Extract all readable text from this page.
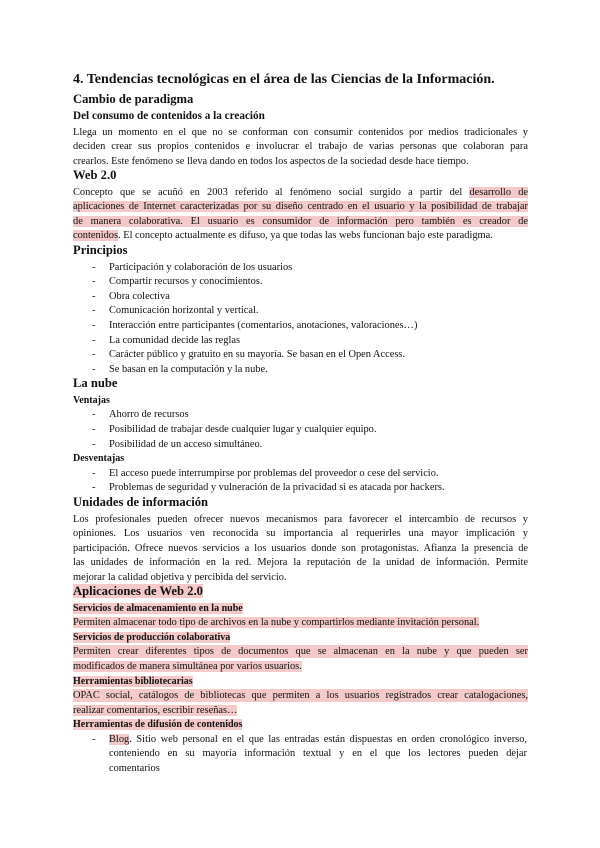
4. Tendencias tecnológicas en el área de las Ciencias de la Información.
Cambio de paradigma
Del consumo de contenidos a la creación
Llega un momento en el que no se conforman con consumir contenidos por medios tradicionales y
deciden crear sus propios contenidos e involucrar el trabajo de varias personas que colaboran para
crearlos. Este fenómeno se lleva dando en todos los aspectos de la sociedad desde hace tiempo.
Web 2.0
Concepto que se acuñó en 2003 referido al fenómeno social surgido a partir del desarrollo de
aplicaciones de Internet caracterizadas por su diseño centrado en el usuario y la posibilidad de trabajar
de manera colaborativa. El usuario es consumidor de información pero también es creador de
contenidos. El concepto actualmente es difuso, ya que todas las webs funcionan bajo este paradigma.
Principios
- Participación y colaboración de los usuarios
- Compartir recursos y conocimientos.
- Obra colectiva
- Comunicación horizontal y vertical.
- Interacción entre participantes (comentarios, anotaciones, valoraciones…)
- La comunidad decide las reglas
- Carácter público y gratuito en su mayoría. Se basan en el Open Access.
- Se basan en la computación y la nube.
La nube
Ventajas
- Ahorro de recursos
- Posibilidad de trabajar desde cualquier lugar y cualquier equipo.
- Posibilidad de un acceso simultáneo.
Desventajas
- El acceso puede interrumpirse por problemas del proveedor o cese del servicio.
- Problemas de seguridad y vulneración de la privacidad si es atacada por hackers.
Unidades de información
Los profesionales pueden ofrecer nuevos mecanismos para favorecer el intercambio de recursos y
opiniones. Los usuarios ven reconocida su importancia al requerirles una mayor implicación y
participación. Ofrece nuevos servicios a los usuarios donde son protagonistas. Afianza la presencia de
las unidades de información en la red. Mejora la reputación de la unidad de información. Permite
mejorar la calidad objetiva y percibida del servicio.
Aplicaciones de Web 2.0
Servicios de almacenamiento en la nube
Permiten almacenar todo tipo de archivos en la nube y compartirlos mediante invitación personal.
Servicios de producción colaborativa
Permiten crear diferentes tipos de documentos que se almacenan en la nube y que pueden ser
modificados de manera simultánea por varios usuarios.
Herramientas bibliotecarias
OPAC social, catálogos de bibliotecas que permiten a los usuarios registrados crear catalogaciones,
realizar comentarios, escribir reseñas…
Herramientas de difusión de contenidos
- Blog. Sitio web personal en el que las entradas están dispuestas en orden cronológico inverso,
conteniendo en su mayoría información textual y en el que los lectores pueden dejar
comentarios
